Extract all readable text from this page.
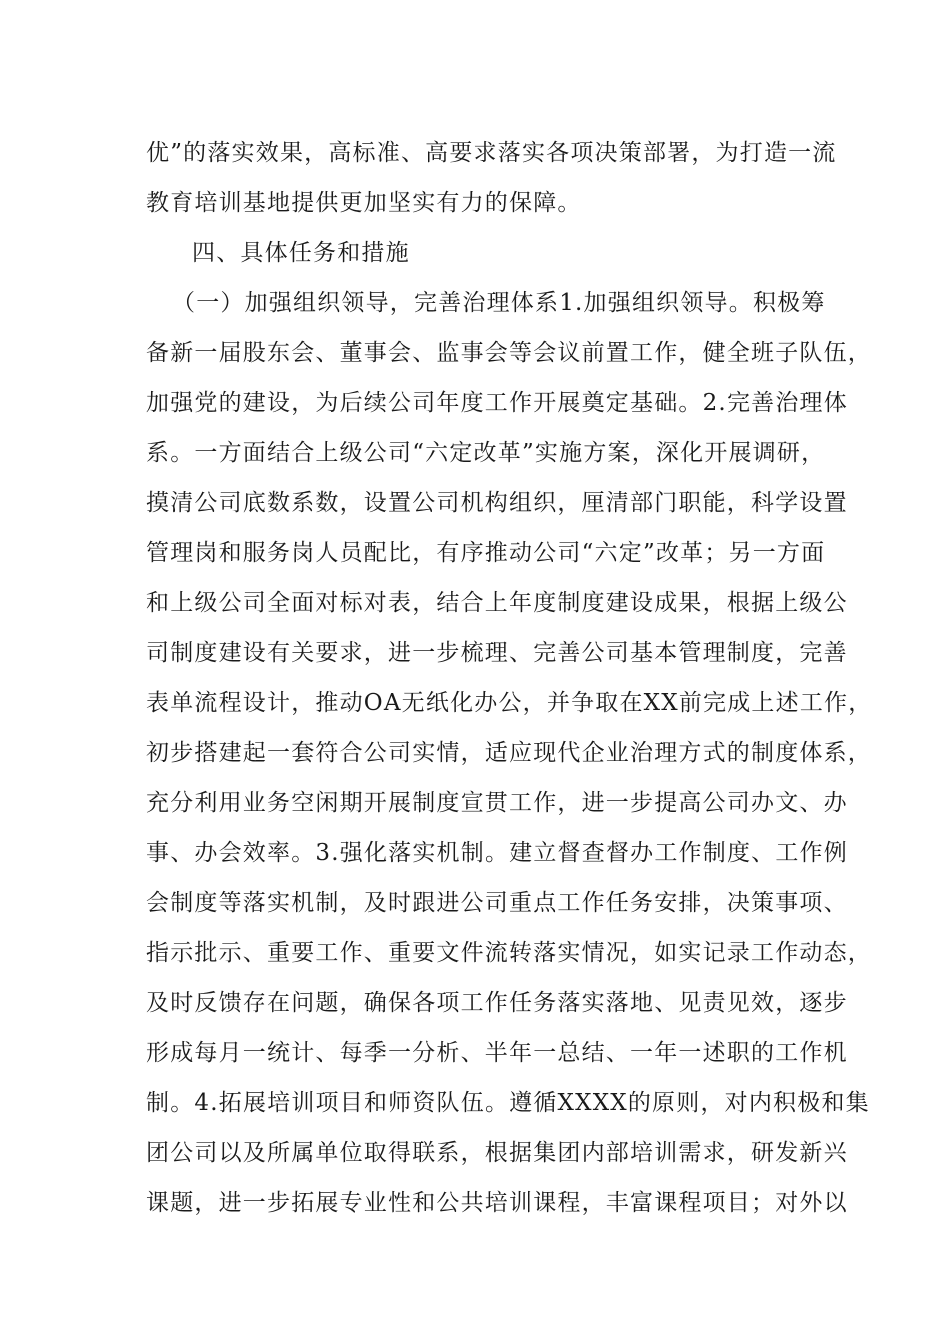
优”的落实效果，高标准、高要求落实各项决策部署，为打造一流
教育培训基地提供更加坚实有力的保障。
四、具体任务和措施
（一）加强组织领导，完善治理体系1.加强组织领导。积极筹
备新一届股东会、董事会、监事会等会议前置工作，健全班子队伍，
加强党的建设，为后续公司年度工作开展奠定基础。2.完善治理体
系。一方面结合上级公司“六定改革”实施方案，深化开展调研，
摸清公司底数系数，设置公司机构组织，厘清部门职能，科学设置
管理岗和服务岗人员配比，有序推动公司“六定”改革；另一方面
和上级公司全面对标对表，结合上年度制度建设成果，根据上级公
司制度建设有关要求，进一步梳理、完善公司基本管理制度，完善
表单流程设计，推动OA无纸化办公，并争取在XX前完成上述工作，
初步搭建起一套符合公司实情，适应现代企业治理方式的制度体系，
充分利用业务空闲期开展制度宣贯工作，进一步提高公司办文、办
事、办会效率。3.强化落实机制。建立督查督办工作制度、工作例
会制度等落实机制，及时跟进公司重点工作任务安排，决策事项、
指示批示、重要工作、重要文件流转落实情况，如实记录工作动态，
及时反馈存在问题，确保各项工作任务落实落地、见责见效，逐步
形成每月一统计、每季一分析、半年一总结、一年一述职的工作机
制。4.拓展培训项目和师资队伍。遵循XXXX的原则，对内积极和集
团公司以及所属单位取得联系，根据集团内部培训需求，研发新兴
课题，进一步拓展专业性和公共培训课程，丰富课程项目；对外以
